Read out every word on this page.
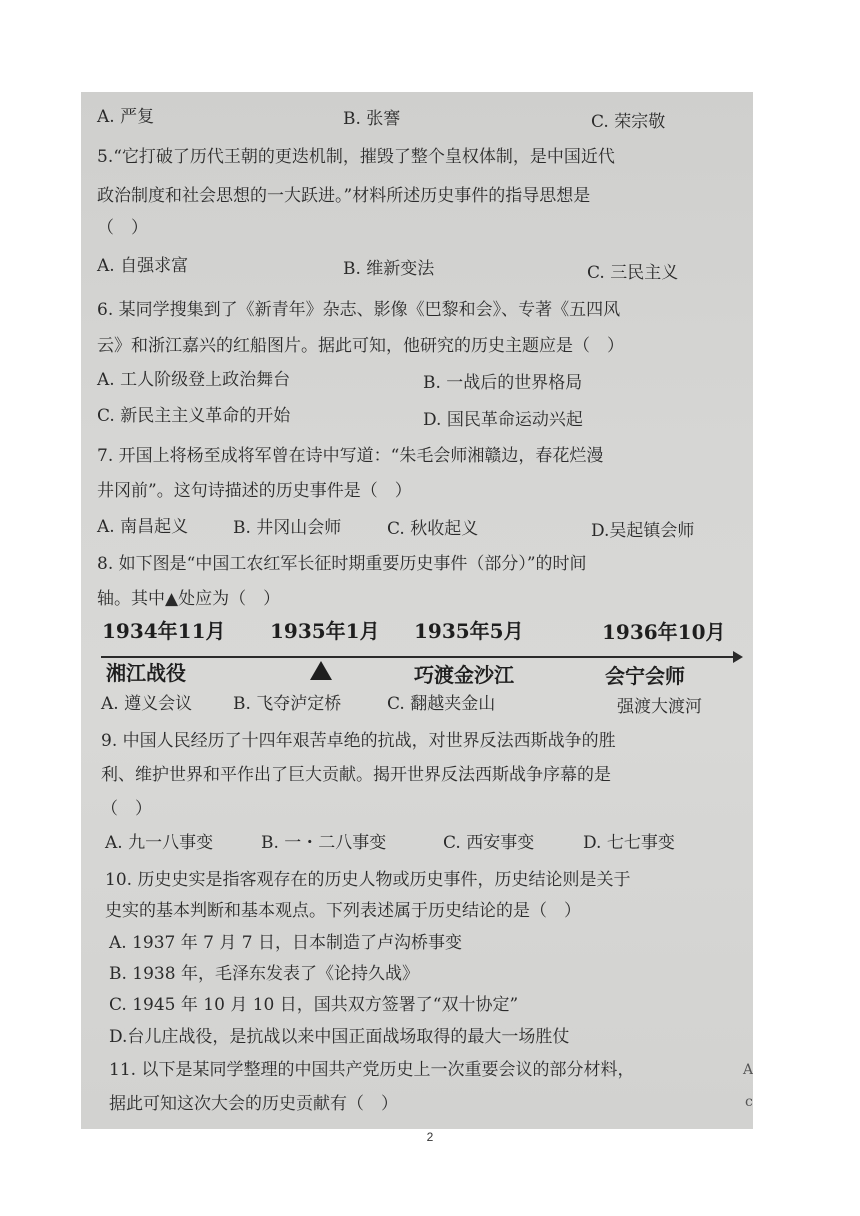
A. 严复	B. 张謇	C. 荣宗敬
5.“它打破了历代王朝的更迭机制，摧毁了整个皇权体制，是中国近代
政治制度和社会思想的一大跃进。”材料所述历史事件的指导思想是
（　）
A. 自强求富	B. 维新变法	C. 三民主义
6. 某同学搜集到了《新青年》杂志、影像《巴黎和会》、专著《五四风
云》和浙江嘉兴的红船图片。据此可知，他研究的历史主题应是（　）
A. 工人阶级登上政治舞台	B. 一战后的世界格局
C. 新民主主义革命的开始	D. 国民革命运动兴起
7. 开国上将杨至成将军曾在诗中写道：“朱毛会师湘赣边，春花烂漫
井冈前”。这句诗描述的历史事件是（　）
A. 南昌起义	B. 井冈山会师	C. 秋收起义	D.吴起镇会师
8. 如下图是“中国工农红军长征时期重要历史事件（部分）”的时间
轴。其中▲处应为（　）
1934年11月 1935年1月 1935年5月	1936年10月
湘江战役	巧渡金沙江	会宁会师
A. 遵义会议 B. 飞夺泸定桥	C. 翻越夹金山	强渡大渡河
9. 中国人民经历了十四年艰苦卓绝的抗战，对世界反法西斯战争的胜
利、维护世界和平作出了巨大贡献。揭开世界反法西斯战争序幕的是
（　）
A. 九一八事变	B. 一・二八事变	C. 西安事变	D. 七七事变
10. 历史史实是指客观存在的历史人物或历史事件，历史结论则是关于
史实的基本判断和基本观点。下列表述属于历史结论的是（　）
A. 1937 年 7 月 7 日，日本制造了卢沟桥事变
B. 1938 年，毛泽东发表了《论持久战》
C. 1945 年 10 月 10 日，国共双方签署了“双十协定”
D.台儿庄战役，是抗战以来中国正面战场取得的最大一场胜仗
11. 以下是某同学整理的中国共产党历史上一次重要会议的部分材料，
据此可知这次大会的历史贡献有（　）
A
c
2
